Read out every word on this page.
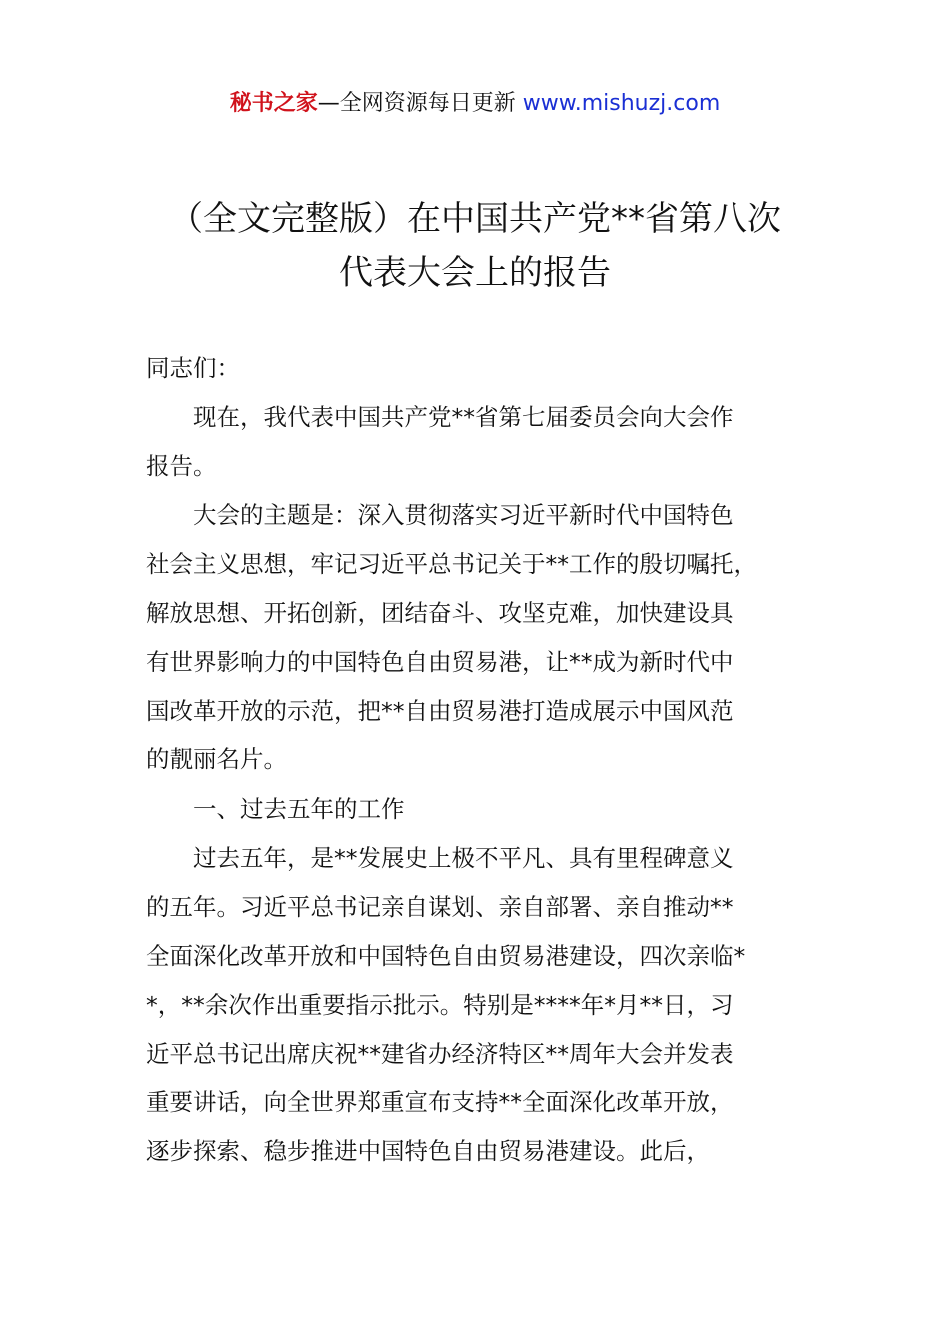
秘书之家—全网资源每日更新 www.mishuzj.com
（全文完整版）在中国共产党**省第八次
代表大会上的报告
同志们：
　　现在，我代表中国共产党**省第七届委员会向大会作
报告。
　　大会的主题是：深入贯彻落实习近平新时代中国特色
社会主义思想，牢记习近平总书记关于**工作的殷切嘱托，
解放思想、开拓创新，团结奋斗、攻坚克难，加快建设具
有世界影响力的中国特色自由贸易港，让**成为新时代中
国改革开放的示范，把**自由贸易港打造成展示中国风范
的靓丽名片。
　　一、过去五年的工作
　　过去五年，是**发展史上极不平凡、具有里程碑意义
的五年。习近平总书记亲自谋划、亲自部署、亲自推动**
全面深化改革开放和中国特色自由贸易港建设，四次亲临*
*，**余次作出重要指示批示。特别是****年*月**日，习
近平总书记出席庆祝**建省办经济特区**周年大会并发表
重要讲话，向全世界郑重宣布支持**全面深化改革开放，
逐步探索、稳步推进中国特色自由贸易港建设。此后，
